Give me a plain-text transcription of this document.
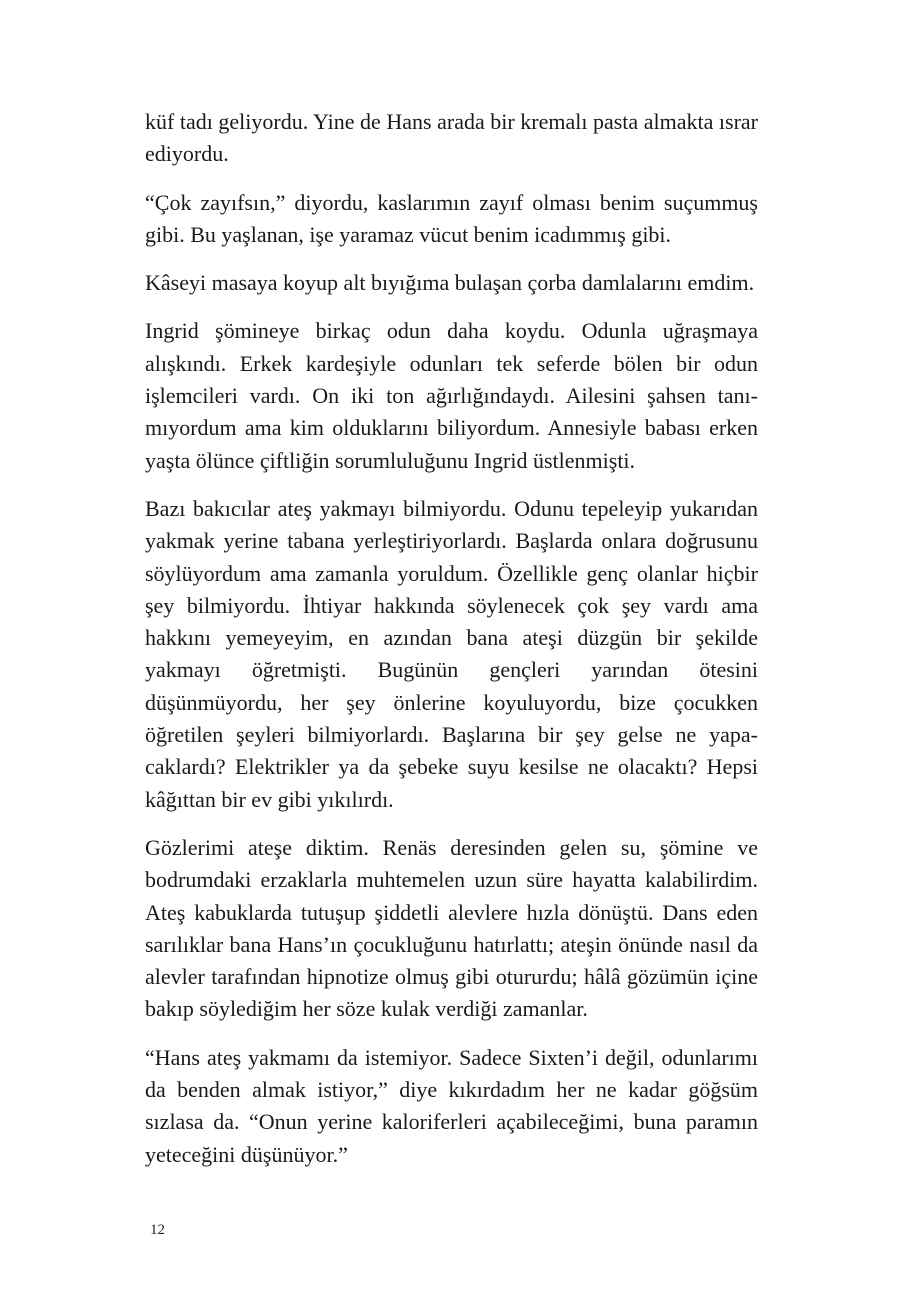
küf tadı geliyordu. Yine de Hans arada bir kremalı pasta almakta ısrar ediyordu.

“Çok zayıfsın,” diyordu, kaslarımın zayıf olması benim suçummuş gibi. Bu yaşlanan, işe yaramaz vücut benim icadımmış gibi.

Kâseyi masaya koyup alt bıyığıma bulaşan çorba damlalarını emdim.

Ingrid şömineye birkaç odun daha koydu. Odunla uğraşmaya alışkındı. Erkek kardeşiyle odunları tek seferde bölen bir odun işlemcileri vardı. On iki ton ağırlığındaydı. Ailesini şahsen tanımıyordum ama kim olduklarını biliyordum. Annesiyle babası erken yaşta ölünce çiftliğin sorumluluğunu Ingrid üstlenmişti.

Bazı bakıcılar ateş yakmayı bilmiyordu. Odunu tepeleyip yukarıdan yakmak yerine tabana yerleştiriyorlardı. Başlarda onlara doğrusunu söylüyordum ama zamanla yoruldum. Özellikle genç olanlar hiçbir şey bilmiyordu. İhtiyar hakkında söylenecek çok şey vardı ama hakkını yemeyeyim, en azından bana ateşi düzgün bir şekilde yakmayı öğretmişti. Bugünün gençleri yarından ötesini düşünmüyordu, her şey önlerine koyuluyordu, bize çocukken öğretilen şeyleri bilmiyorlardı. Başlarına bir şey gelse ne yapacaklardı? Elektrikler ya da şebeke suyu kesilse ne olacaktı? Hepsi kâğıttan bir ev gibi yıkılırdı.

Gözlerimi ateşe diktim. Renäs deresinden gelen su, şömine ve bodrumdaki erzaklarla muhtemelen uzun süre hayatta kalabilirdim. Ateş kabuklarda tutuşup şiddetli alevlere hızla dönüştü. Dans eden sarılıklar bana Hans’ın çocukluğunu hatırlattı; ateşin önünde nasıl da alevler tarafından hipnotize olmuş gibi otururdu; hâlâ gözümün içine bakıp söylediğim her söze kulak verdiği zamanlar.

“Hans ateş yakmamı da istemiyor. Sadece Sixten’i değil, odunlarımı da benden almak istiyor,” diye kıkırdadım her ne kadar göğsüm sızlasa da. “Onun yerine kaloriferleri açabileceğimi, buna paramın yeteceğini düşünüyor.”

12
